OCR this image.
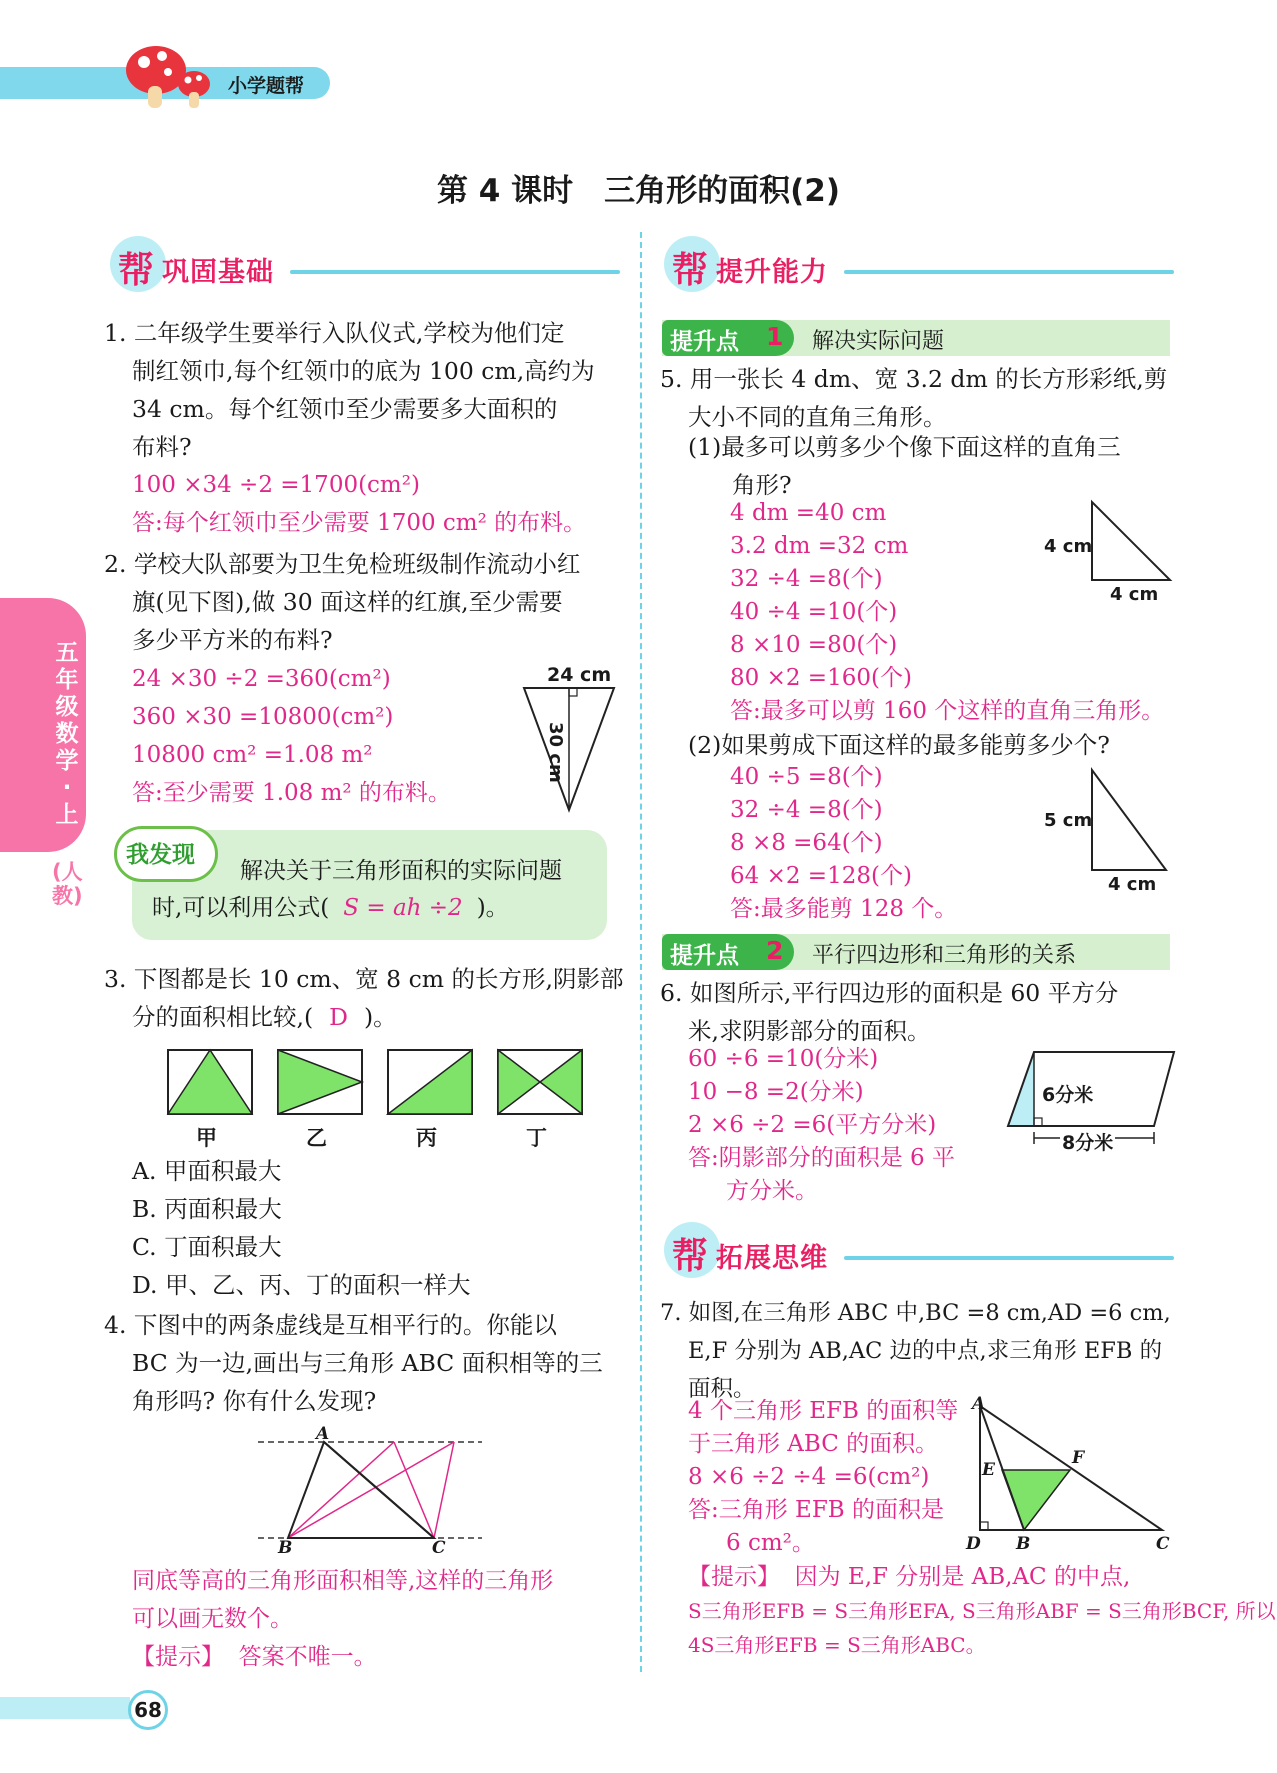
小学题帮
第 4 课时　三角形的面积(2)
五年级数学·上
(人教)
帮 巩固基础
1. 二年级学生要举行入队仪式,学校为他们定
制红领巾,每个红领巾的底为 100 cm,高约为
34 cm。每个红领巾至少需要多大面积的
布料?
100 ×34 ÷2 =1700(cm²)
答:每个红领巾至少需要 1700 cm² 的布料。
2. 学校大队部要为卫生免检班级制作流动小红
旗(见下图),做 30 面这样的红旗,至少需要
多少平方米的布料?
24 ×30 ÷2 =360(cm²)
360 ×30 =10800(cm²)
10800 cm² =1.08 m²
答:至少需要 1.08 m² 的布料。
24 cm
30 cm
我发现
解决关于三角形面积的实际问题
时,可以利用公式( S = ah ÷2 )。
3. 下图都是长 10 cm、宽 8 cm 的长方形,阴影部
分的面积相比较,( D )。
甲	乙	丙	丁
A. 甲面积最大
B. 丙面积最大
C. 丁面积最大
D. 甲、乙、丙、丁的面积一样大
4. 下图中的两条虚线是互相平行的。你能以
BC 为一边,画出与三角形 ABC 面积相等的三
角形吗? 你有什么发现?
A
B	C
同底等高的三角形面积相等,这样的三角形
可以画无数个。
【提示】 答案不唯一。
帮 提升能力
提升点 1 解决实际问题
5. 用一张长 4 dm、宽 3.2 dm 的长方形彩纸,剪
大小不同的直角三角形。
(1)最多可以剪多少个像下面这样的直角三
角形?
4 dm =40 cm
3.2 dm =32 cm
32 ÷4 =8(个)
40 ÷4 =10(个)
8 ×10 =80(个)
80 ×2 =160(个)
答:最多可以剪 160 个这样的直角三角形。
4 cm
4 cm
(2)如果剪成下面这样的最多能剪多少个?
40 ÷5 =8(个)
32 ÷4 =8(个)
8 ×8 =64(个)
64 ×2 =128(个)
答:最多能剪 128 个。
5 cm
4 cm
提升点 2 平行四边形和三角形的关系
6. 如图所示,平行四边形的面积是 60 平方分
米,求阴影部分的面积。
60 ÷6 =10(分米)
10 −8 =2(分米)
2 ×6 ÷2 =6(平方分米)
答:阴影部分的面积是 6 平
方分米。
6分米
8分米
帮 拓展思维
7. 如图,在三角形 ABC 中,BC =8 cm,AD =6 cm,
E,F 分别为 AB,AC 边的中点,求三角形 EFB 的
面积。
4 个三角形 EFB 的面积等
于三角形 ABC 的面积。
8 ×6 ÷2 ÷4 =6(cm²)
答:三角形 EFB 的面积是
6 cm²。
A
E
F
D B	C
【提示】 因为 E,F 分别是 AB,AC 的中点,
S三角形EFB = S三角形EFA, S三角形ABF = S三角形BCF, 所以
4S三角形EFB = S三角形ABC。
68
